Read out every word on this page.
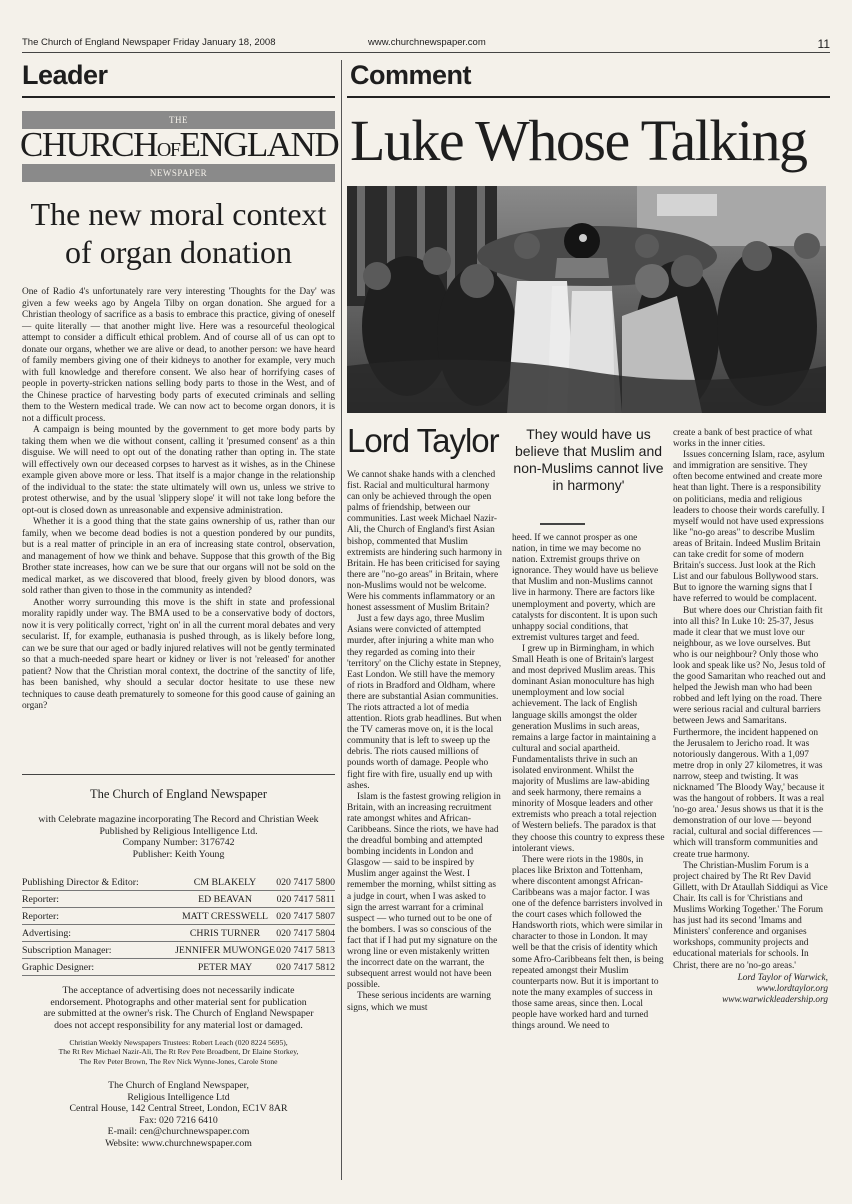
The Church of England Newspaper Friday January 18, 2008	www.churchnewspaper.com	11
Leader	Comment
THE
CHURCHOFENGLAND
NEWSPAPER
The new moral context of organ donation

One of Radio 4's unfortunately rare very interesting 'Thoughts for the Day' was given a few weeks ago by Angela Tilby on organ donation. She argued for a Christian theology of sacrifice as a basis to embrace this practice, giving of oneself — quite literally — that another might live. Here was a resourceful theological attempt to consider a difficult ethical problem. And of course all of us can opt to donate our organs, whether we are alive or dead, to another person: we have heard of family members giving one of their kidneys to another for example, very much with full knowledge and therefore consent. We also hear of horrifying cases of people in poverty-stricken nations selling body parts to those in the West, and of the Chinese practice of harvesting body parts of executed criminals and selling them to the Western medical trade. We can now act to become organ donors, it is not a difficult process.

A campaign is being mounted by the government to get more body parts by taking them when we die without consent, calling it 'presumed consent' as a thin disguise. We will need to opt out of the donating rather than opting in. The state will effectively own our deceased corpses to harvest as it wishes, as in the Chinese example given above more or less. That itself is a major change in the relationship of the individual to the state: the state ultimately will own us, unless we strive to protest otherwise, and by the usual 'slippery slope' it will not take long before the opt-out is closed down as unreasonable and expensive administration.

Whether it is a good thing that the state gains ownership of us, rather than our family, when we become dead bodies is not a question pondered by our pundits, but is a real matter of principle in an era of increasing state control, observation, and management of how we think and behave. Suppose that this growth of the Big Brother state increases, how can we be sure that our organs will not be sold on the medical market, as we discovered that blood, freely given by blood donors, was sold rather than given to those in the community as intended?

Another worry surrounding this move is the shift in state and professional morality rapidly under way. The BMA used to be a conservative body of doctors, now it is very politically correct, 'right on' in all the current moral debates and very secularist. If, for example, euthanasia is pushed through, as is likely before long, can we be sure that our aged or badly injured relatives will not be gently terminated so that a much-needed spare heart or kidney or liver is not 'released' for another patient? Now that the Christian moral context, the doctrine of the sanctity of life, has been banished, why should a secular doctor hesitate to use these new techniques to cause death prematurely to someone for this good cause of gaining an organ?

The Church of England Newspaper
with Celebrate magazine incorporating The Record and Christian Week
Published by Religious Intelligence Ltd.
Company Number: 3176742
Publisher: Keith Young
Publishing Director & Editor:	CM BLAKELY	020 7417 5800
Reporter:	ED BEAVAN	020 7417 5811
Reporter:	MATT CRESSWELL 020 7417 5807
Advertising:	CHRIS TURNER	020 7417 5804
Subscription Manager:	JENNIFER MUWONGE 020 7417 5813
Graphic Designer:	PETER MAY	020 7417 5812
The acceptance of advertising does not necessarily indicate
endorsement. Photographs and other material sent for publication
are submitted at the owner's risk. The Church of England Newspaper
does not accept responsibility for any material lost or damaged.
Christian Weekly Newspapers Trustees: Robert Leach (020 8224 5695),
The Rt Rev Michael Nazir-Ali, The Rt Rev Pete Broadbent, Dr Elaine Storkey,
The Rev Peter Brown, The Rev Nick Wynne-Jones, Carole Stone
The Church of England Newspaper,
Religious Intelligence Ltd
Central House, 142 Central Street, London, EC1V 8AR
Fax: 020 7216 6410
E-mail: cen@churchnewspaper.com
Website: www.churchnewspaper.com
Luke Whose Talking
Lord Taylor	They would have us believe that Muslim and non-Muslims cannot live in harmony'

We cannot shake hands with a clenched fist. Racial and multicultural harmony can only be achieved through the open palms of friendship, between our communities. Last week Michael Nazir-Ali, the Church of England's first Asian bishop, commented that Muslim extremists are hindering such harmony in Britain. He has been criticised for saying there are "no-go areas" in Britain, where non-Muslims would not be welcome. Were his comments inflammatory or an honest assessment of Muslim Britain?

Just a few days ago, three Muslim Asians were convicted of attempted murder, after injuring a white man who they regarded as coming into their 'territory' on the Clichy estate in Stepney, East London. We still have the memory of riots in Bradford and Oldham, where there are substantial Asian communities. The riots attracted a lot of media attention. Riots grab headlines. But when the TV cameras move on, it is the local community that is left to sweep up the debris. The riots caused millions of pounds worth of damage. People who fight fire with fire, usually end up with ashes.

Islam is the fastest growing religion in Britain, with an increasing recruitment rate amongst whites and African-Caribbeans. Since the riots, we have had the dreadful bombing and attempted bombing incidents in London and Glasgow — said to be inspired by Muslim anger against the West. I remember the morning, whilst sitting as a judge in court, when I was asked to sign the arrest warrant for a criminal suspect — who turned out to be one of the bombers. I was so conscious of the fact that if I had put my signature on the wrong line or even mistakenly written the incorrect date on the warrant, the subsequent arrest would not have been possible.

These serious incidents are warning signs, which we must

heed. If we cannot prosper as one nation, in time we may become no nation. Extremist groups thrive on ignorance. They would have us believe that Muslim and non-Muslims cannot live in harmony. There are factors like unemployment and poverty, which are catalysts for discontent. It is upon such unhappy social conditions, that extremist vultures target and feed.

I grew up in Birmingham, in which Small Heath is one of Britain's largest and most deprived Muslim areas. This dominant Asian monoculture has high unemployment and low social achievement. The lack of English language skills amongst the older generation Muslims in such areas, remains a large factor in maintaining a cultural and social apartheid. Fundamentalists thrive in such an isolated environment. Whilst the majority of Muslims are law-abiding and seek harmony, there remains a minority of Mosque leaders and other extremists who preach a total rejection of Western beliefs. The paradox is that they choose this country to express these intolerant views.

There were riots in the 1980s, in places like Brixton and Tottenham, where discontent amongst African-Caribbeans was a major factor. I was one of the defence barristers involved in the court cases which followed the Handsworth riots, which were similar in character to those in London. It may well be that the crisis of identity which some Afro-Caribbeans felt then, is being repeated amongst their Muslim counterparts now. But it is important to note the many examples of success in those same areas, since then. Local people have worked hard and turned things around. We need to

create a bank of best practice of what works in the inner cities.

Issues concerning Islam, race, asylum and immigration are sensitive. They often become entwined and create more heat than light. There is a responsibility on politicians, media and religious leaders to choose their words carefully. I myself would not have used expressions like "no-go areas" to describe Muslim areas of Britain. Indeed Muslim Britain can take credit for some of modern Britain's success. Just look at the Rich List and our fabulous Bollywood stars. But to ignore the warning signs that I have referred to would be complacent.

But where does our Christian faith fit into all this? In Luke 10: 25-37, Jesus made it clear that we must love our neighbour, as we love ourselves. But who is our neighbour? Only those who look and speak like us? No, Jesus told of the good Samaritan who reached out and helped the Jewish man who had been robbed and left lying on the road. There were serious racial and cultural barriers between Jews and Samaritans. Furthermore, the incident happened on the Jerusalem to Jericho road. It was notoriously dangerous. With a 1,097 metre drop in only 27 kilometres, it was narrow, steep and twisting. It was nicknamed 'The Bloody Way,' because it was the hangout of robbers. It was a real 'no-go area.' Jesus shows us that it is the demonstration of our love — beyond racial, cultural and social differences — which will transform communities and create true harmony.

The Christian-Muslim Forum is a project chaired by The Rt Rev David Gillett, with Dr Ataullah Siddiqui as Vice Chair. Its call is for 'Christians and Muslims Working Together.' The Forum has just had its second 'Imams and Ministers' conference and organises workshops, community projects and educational materials for schools. In Christ, there are no 'no-go areas.'

Lord Taylor of Warwick,
www.lordtaylor.org
www.warwickleadership.org
